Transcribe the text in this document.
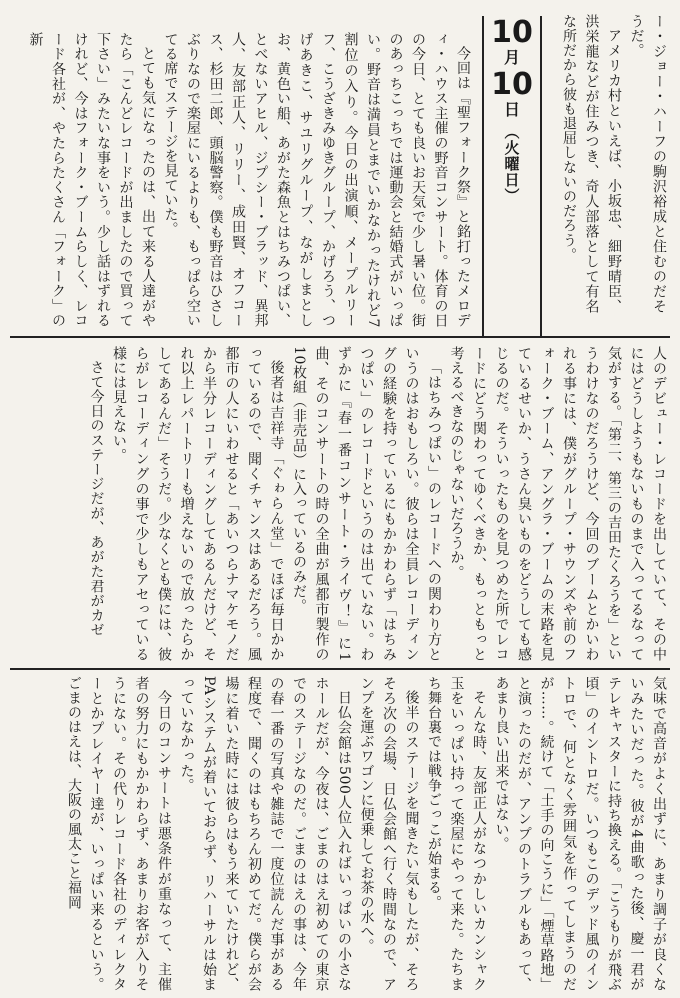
ー・ジョー・ハーフの駒沢裕成と住むのだそうだ。

アメリカ村といえば、小坂忠、細野晴臣、洪栄龍などが住みつき、奇人部落として有名な所だから彼も退屈しないのだろう。

10
月
10
日
（火曜日）

今回は『聖フォーク祭』と銘打ったメロディ・ハウス主催の野音コンサート。体育の日の今日、とても良いお天気で少し暑い位。街のあっちこっちでは運動会と結婚式がいっぱい。野音は満員とまでいかなかったけれど7割位の入り。今日の出演順、メープルリーフ、こうざきみゆきグループ、かげろう、つげあきこ、サユリグループ、ながしまとしお、黄色い船、あがた森魚とはちみつぱい、とべないアヒル、ジプシー・ブラッド、異邦人、友部正人、リリー、成田賢、オフコース、杉田二郎、頭脳警察。僕も野音はひさしぶりなので楽屋にいるよりも、もっぱら空いてる席でステージを見ていた。

とても気になったのは、出て来る人達がやたら「こんどレコードが出ましたので買って下さい」みたいな事をいう。少し話はずれるけれど、今はフォーク・ブームらしく、レコード各社が、やたらたくさん「フォーク」の新

人のデビュー・レコードを出していて、その中にはどうしようもないものまで入ってるなって気がする。「第二、第三の吉田たくろうを」というわけなのだろうけど、今回のブームとかいわれる事には、僕がグループ・サウンズや前のフォーク・ブーム、アングラ・ブームの末路を見ているせいか、うさん臭いものをどうしても感じるのだ。そういったものを見つめた所でレコードにどう関わってゆくべきか、もっともっと考えるべきなのじゃないだろうか。

「はちみつぱい」のレコードへの関わり方というのはおもしろい。彼らは全員レコーディングの経験を持っているにもかかわらず「はちみつぱい」のレコードというのは出ていない。わずかに『春一番コンサート・ライヴ！』に1曲、そのコンサートの時の全曲が風都市製作の10枚組（非売品）に入っているのみだ。

後者は吉祥寺「ぐゎらん堂」でほぼ毎日かかっているので、聞くチャンスはあるだろう。風都市の人にいわせると「あいつらナマケモノだから半分レコーディングしてあるんだけど、それ以上レパートリーも増えないので放ったらかしてあるんだ」そうだ。少なくとも僕には、彼らがレコーディングの事で少しもアセっている様には見えない。

さて今日のステージだが、あがた君がカゼ

気味で高音がよく出ずに、あまり調子が良くないみたいだった。彼が4曲歌った後、慶一君がテレキャスターに持ち換える。「こうもりが飛ぶ頃」のイントロだ。いつもこのデッド風のイントロで、何となく雰囲気を作ってしまうのだが……。続けて「土手の向こうに」「煙草路地」と演ったのだが、アンプのトラブルもあって、あまり良い出来ではない。

そんな時、友部正人がなつかしいカンシャク玉をいっぱい持って楽屋にやって来た。たちまち舞台裏では戦争ごっこが始まる。

後半のステージを聞きたい気もしたが、そろそろ次の会場、日仏会館へ行く時間なので、アンプを運ぶワゴンに便乗してお茶の水へ。

日仏会館は500人位入ればいっぱいの小さなホールだが、今夜は、ごまのはえ初めての東京でのステージなのだ。ごまのはえの事は、今年の春一番の写真や雑誌で一度位読んだ事がある程度で、聞くのはもちろん初めてだ。僕らが会場に着いた時には彼らはもう来ていたけれど、PAシステムが着いておらず、リハーサルは始まっていなかった。

今日のコンサートは悪条件が重なって、主催者の努力にもかかわらず、あまりお客が入りそうにない。その代りレコード各社のディレクターとかプレイヤー達が、いっぱい来るという。ごまのはえは、大阪の風太こと福岡
